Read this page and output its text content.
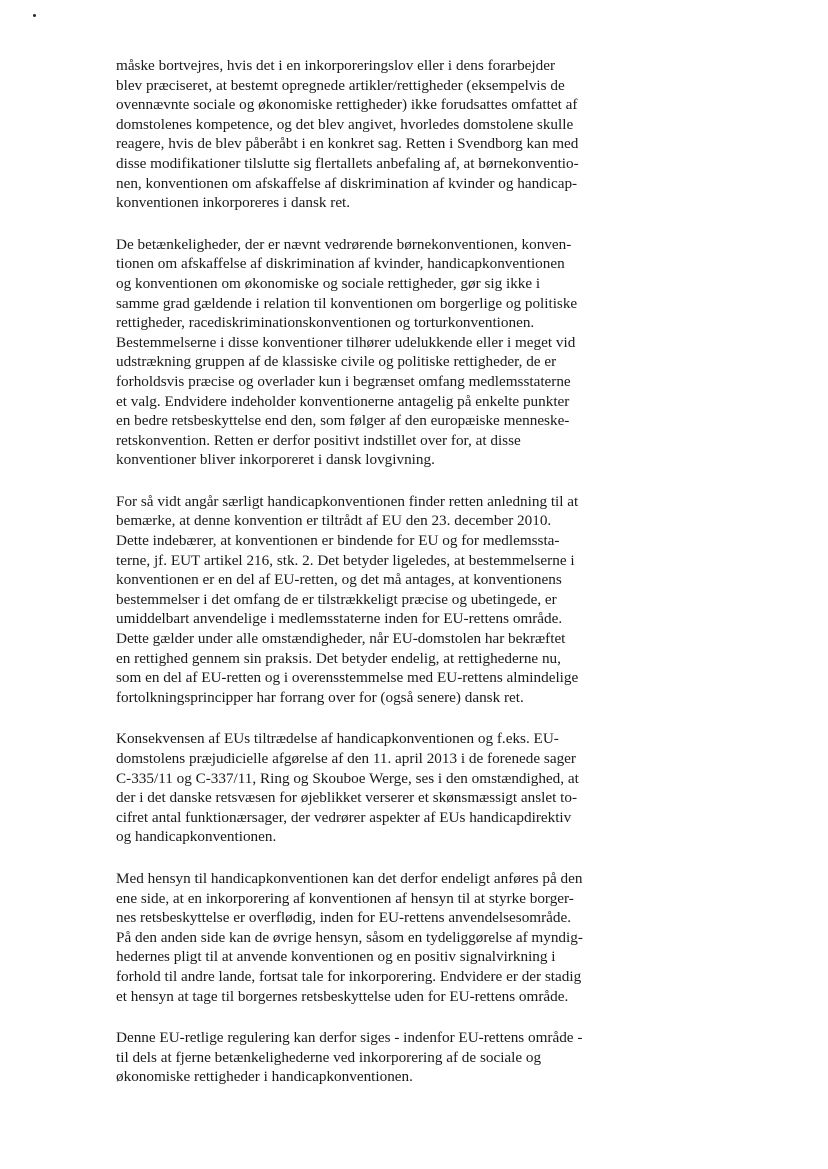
måske bortvejres, hvis det i en inkorporeringslov eller i dens forarbejder
blev præciseret, at bestemt opregnede artikler/rettigheder (eksempelvis de
ovennævnte sociale og økonomiske rettigheder) ikke forudsattes omfattet af
domstolenes kompetence, og det blev angivet, hvorledes domstolene skulle
reagere, hvis de blev påberåbt i en konkret sag. Retten i Svendborg kan med
disse modifikationer tilslutte sig flertallets anbefaling af, at børnekonventio-
nen, konventionen om afskaffelse af diskrimination af kvinder og handicap-
konventionen inkorporeres i dansk ret.

De betænkeligheder, der er nævnt vedrørende børnekonventionen, konven-
tionen om afskaffelse af diskrimination af kvinder, handicapkonventionen
og konventionen om økonomiske og sociale rettigheder, gør sig ikke i
samme grad gældende i relation til konventionen om borgerlige og politiske
rettigheder, racediskriminationskonventionen og torturkonventionen.
Bestemmelserne i disse konventioner tilhører udelukkende eller i meget vid
udstrækning gruppen af de klassiske civile og politiske rettigheder, de er
forholdsvis præcise og overlader kun i begrænset omfang medlemsstaterne
et valg. Endvidere indeholder konventionerne antagelig på enkelte punkter
en bedre retsbeskyttelse end den, som følger af den europæiske menneske-
retskonvention. Retten er derfor positivt indstillet over for, at disse
konventioner bliver inkorporeret i dansk lovgivning.

For så vidt angår særligt handicapkonventionen finder retten anledning til at
bemærke, at denne konvention er tiltrådt af EU den 23. december 2010.
Dette indebærer, at konventionen er bindende for EU og for medlemssta-
terne, jf. EUT artikel 216, stk. 2. Det betyder ligeledes, at bestemmelserne i
konventionen er en del af EU-retten, og det må antages, at konventionens
bestemmelser i det omfang de er tilstrækkeligt præcise og ubetingede, er
umiddelbart anvendelige i medlemsstaterne inden for EU-rettens område.
Dette gælder under alle omstændigheder, når EU-domstolen har bekræftet
en rettighed gennem sin praksis. Det betyder endelig, at rettighederne nu,
som en del af EU-retten og i overensstemmelse med EU-rettens almindelige
fortolkningsprincipper har forrang over for (også senere) dansk ret.

Konsekvensen af EUs tiltrædelse af handicapkonventionen og f.eks. EU-
domstolens præjudicielle afgørelse af den 11. april 2013 i de forenede sager
C-335/11 og C-337/11, Ring og Skouboe Werge, ses i den omstændighed, at
der i det danske retsvæsen for øjeblikket verserer et skønsmæssigt anslet to-
cifret antal funktionærsager, der vedrører aspekter af EUs handicapdirektiv
og handicapkonventionen.

Med hensyn til handicapkonventionen kan det derfor endeligt anføres på den
ene side, at en inkorporering af konventionen af hensyn til at styrke borger-
nes retsbeskyttelse er overflødig, inden for EU-rettens anvendelsesområde.
På den anden side kan de øvrige hensyn, såsom en tydeliggørelse af myndig-
hedernes pligt til at anvende konventionen og en positiv signalvirkning i
forhold til andre lande, fortsat tale for inkorporering. Endvidere er der stadig
et hensyn at tage til borgernes retsbeskyttelse uden for EU-rettens område.

Denne EU-retlige regulering kan derfor siges - indenfor EU-rettens område -
til dels at fjerne betænkelighederne ved inkorporering af de sociale og
økonomiske rettigheder i handicapkonventionen.
